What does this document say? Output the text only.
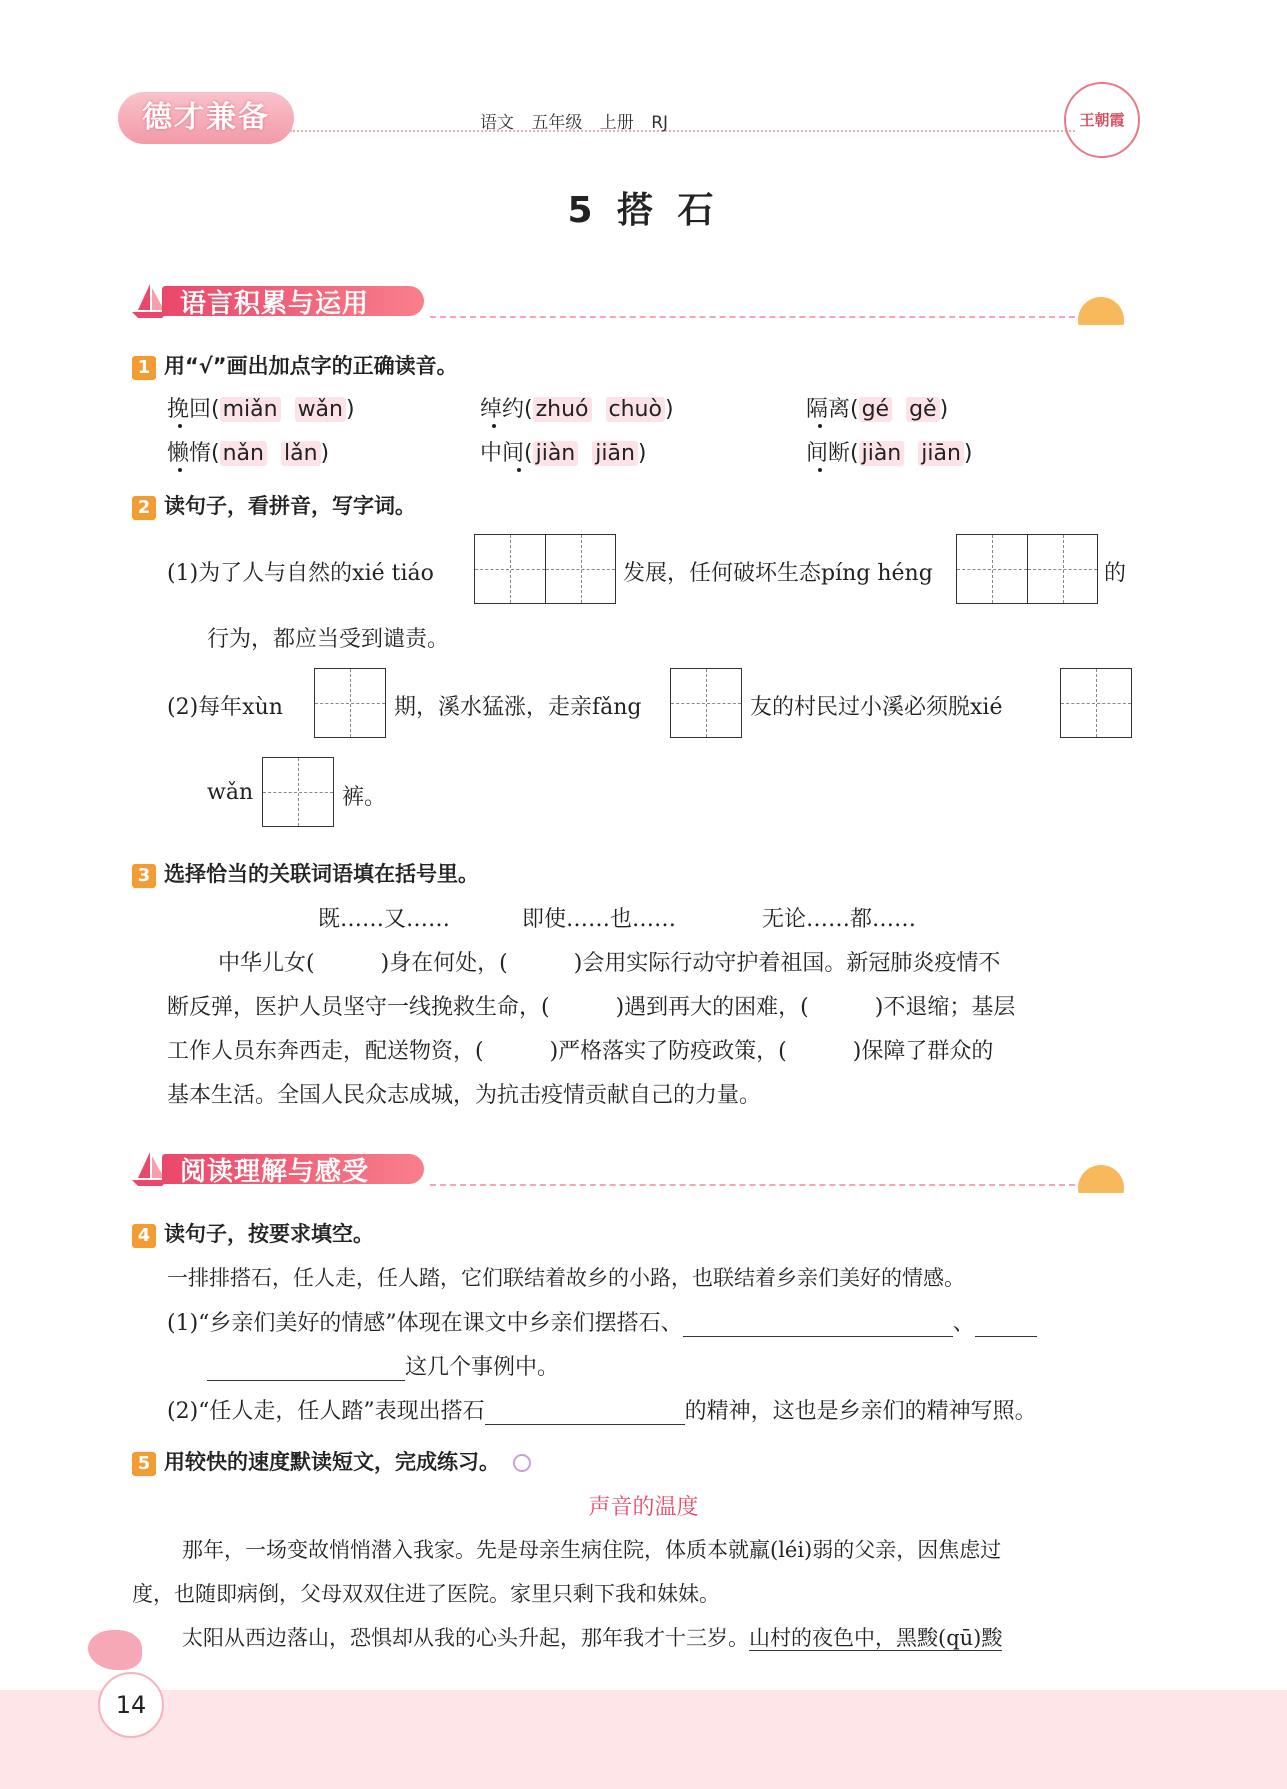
德才兼备	语文 五年级 上册 RJ	王朝霞
5 搭 石
语言积累与运用
1 用“√”画出加点字的正确读音。
挽回( miǎn wǎn )	绰约( zhuó chuò )	隔离( gé gě )
懒惰( nǎn lǎn )	中间( jiàn jiān )	间断( jiàn jiān )
2 读句子，看拼音，写字词。
(1)为了人与自然的xié tiáo	发展，任何破坏生态píng héng	的
行为，都应当受到谴责。
(2)每年xùn	期，溪水猛涨，走亲fǎng	友的村民过小溪必须脱xié
wǎn	裤。
3 选择恰当的关联词语填在括号里。
既……又……	即使……也……	无论……都……
中华儿女(　　　)身在何处，(　　　)会用实际行动守护着祖国。新冠肺炎疫情不
断反弹，医护人员坚守一线挽救生命，(　　　)遇到再大的困难，(　　　)不退缩；基层
工作人员东奔西走，配送物资，(　　　)严格落实了防疫政策，(　　　)保障了群众的
基本生活。全国人民众志成城，为抗击疫情贡献自己的力量。
阅读理解与感受
4 读句子，按要求填空。
一排排搭石，任人走，任人踏，它们联结着故乡的小路，也联结着乡亲们美好的情感。
(1)“乡亲们美好的情感”体现在课文中乡亲们摆搭石、	、
这几个事例中。
(2)“任人走，任人踏”表现出搭石	的精神，这也是乡亲们的精神写照。
5 用较快的速度默读短文，完成练习。
声音的温度
那年，一场变故悄悄潜入我家。先是母亲生病住院，体质本就羸(léi)弱的父亲，因焦虑过
度，也随即病倒，父母双双住进了医院。家里只剩下我和妹妹。
太阳从西边落山，恐惧却从我的心头升起，那年我才十三岁。山村的夜色中，黑黢(qū)黢
14
